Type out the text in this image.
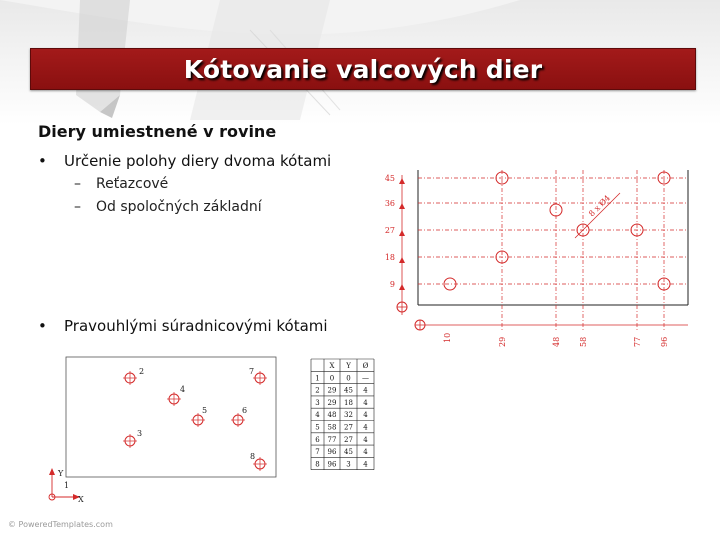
Kótovanie valcových dier
Diery umiestnené v rovine
• Určenie polohy diery dvoma kótami
– Reťazcové
– Od spoločných základní
• Pravouhlými súradnicovými kótami
45
36
27
18
9
10	29	48 58	77 96
8 x Ø4
1
2
3
4
5	6
7
8
Y
X
X Y Ø
1 0 0 —
2 29 45 4
3 29 18 4
4 48 32 4
5 58 27 4
6 77 27 4
7 96 45 4
8 96 3 4
© PoweredTemplates.com
